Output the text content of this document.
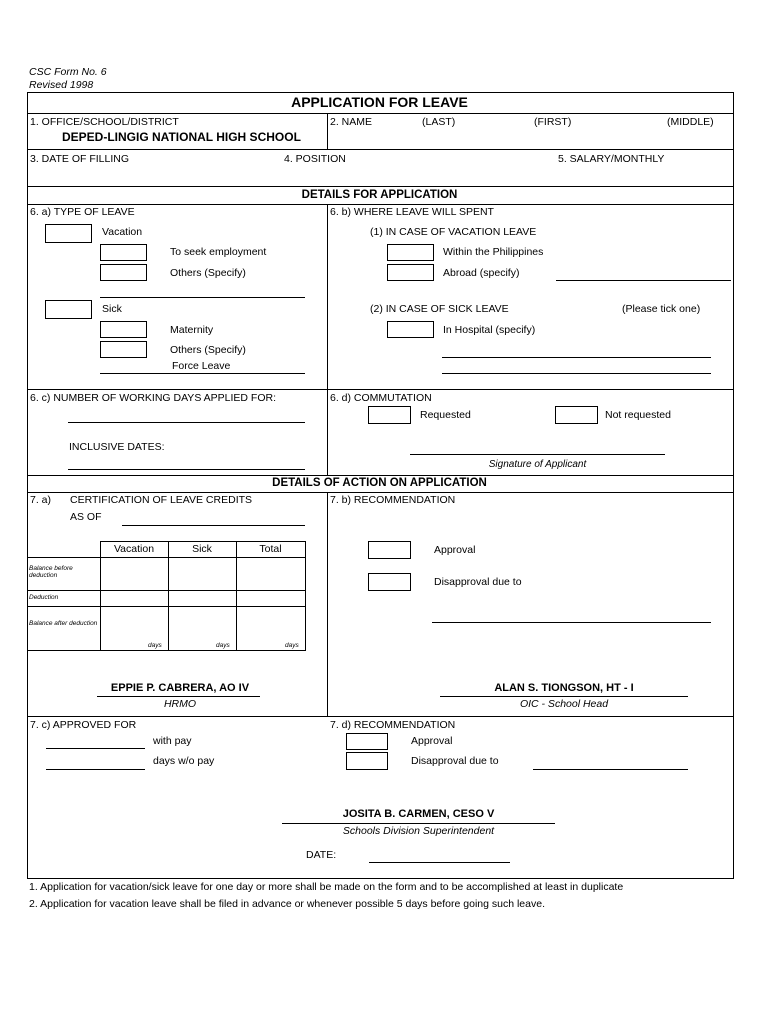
CSC Form No. 6
Revised 1998
APPLICATION FOR LEAVE
1. OFFICE/SCHOOL/DISTRICT
DEPED-LINGIG NATIONAL HIGH SCHOOL
2. NAME	(LAST)	(FIRST)	(MIDDLE)
3. DATE OF FILLING	4. POSITION	5. SALARY/MONTHLY
DETAILS FOR APPLICATION
6. a) TYPE OF LEAVE
Vacation
To seek employment
Others (Specify)
Sick
Maternity
Others (Specify)
Force Leave
6. b) WHERE LEAVE WILL SPENT
(1) IN CASE OF VACATION LEAVE
Within the Philippines
Abroad (specify)
(2) IN CASE OF SICK LEAVE	(Please tick one)
In Hospital (specify)
6. c) NUMBER OF WORKING DAYS APPLIED FOR:
INCLUSIVE DATES:
6. d) COMMUTATION
Requested	Not requested
Signature of Applicant
DETAILS OF ACTION ON APPLICATION
7. a) CERTIFICATION OF LEAVE CREDITS
AS OF
Vacation	Sick	Total
Balance before deduction
Deduction
Balance after deduction
days	days	days
7. b) RECOMMENDATION
Approval
Disapproval due to
EPPIE P. CABRERA, AO IV
HRMO
ALAN S. TIONGSON, HT - I
OIC - School Head
7. c) APPROVED FOR
with pay
days w/o pay
7. d) RECOMMENDATION
Approval
Disapproval due to
JOSITA B. CARMEN, CESO V
Schools Division Superintendent
DATE:
1. Application for vacation/sick leave for one day or more shall be made on the form and to be accomplished at least in duplicate
2. Application for vacation leave shall be filed in advance or whenever possible 5 days before going such leave.
